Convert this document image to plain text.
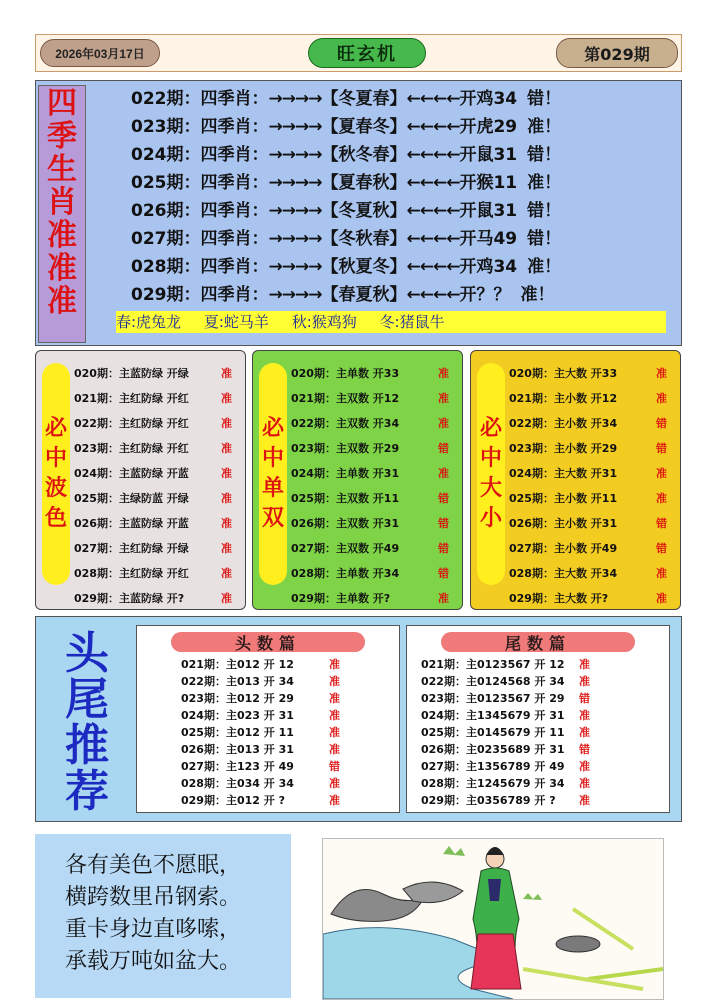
2026年03月17日	旺玄机	第029期
四
季
生
肖
准
准
准
022期：四季肖：→→→→【冬夏春】←←←←开鸡34 错！
023期：四季肖：→→→→【夏春冬】←←←←开虎29 准！
024期：四季肖：→→→→【秋冬春】←←←←开鼠31 错！
025期：四季肖：→→→→【夏春秋】←←←←开猴11 准！
026期：四季肖：→→→→【冬夏秋】←←←←开鼠31 错！
027期：四季肖：→→→→【冬秋春】←←←←开马49 错！
028期：四季肖：→→→→【秋夏冬】←←←←开鸡34 准！
029期：四季肖：→→→→【春夏秋】←←←←开？？ 准！
春:虎兔龙 夏:蛇马羊 秋:猴鸡狗 冬:猪鼠牛
必
中
波
色
020期：主蓝防绿 开绿	准
021期：主红防绿 开红	准
022期：主红防绿 开红	准
023期：主红防绿 开红	准
024期：主蓝防绿 开蓝	准
025期：主绿防蓝 开绿	准
026期：主蓝防绿 开蓝	准
027期：主红防绿 开绿	准
028期：主红防绿 开红	准
029期：主蓝防绿 开?	准
必
中
单
双
020期：主单数 开33	准
021期：主双数 开12	准
022期：主双数 开34	准
023期：主双数 开29	错
024期：主单数 开31	准
025期：主双数 开11	错
026期：主双数 开31	错
027期：主双数 开49	错
028期：主单数 开34	错
029期：主单数 开?	准
必
中
大
小
020期：主大数 开33	准
021期：主小数 开12	准
022期：主小数 开34	错
023期：主小数 开29	错
024期：主大数 开31	准
025期：主小数 开11	准
026期：主小数 开31	错
027期：主小数 开49	错
028期：主大数 开34	准
029期：主大数 开?	准
头
尾
推
荐
头数篇
021期：主012 开 12	准
022期：主013 开 34	准
023期：主012 开 29	准
024期：主023 开 31	准
025期：主012 开 11	准
026期：主013 开 31	准
027期：主123 开 49	错
028期：主034 开 34	准
029期：主012 开 ?	准
尾数篇
021期：主0123567 开 12 准
022期：主0124568 开 34 准
023期：主0123567 开 29 错
024期：主1345679 开 31 准
025期：主0145679 开 11 准
026期：主0235689 开 31 错
027期：主1356789 开 49 准
028期：主1245679 开 34 准
029期：主0356789 开 ? 准
各有美色不愿眠，
横跨数里吊钢索。
重卡身边直哆嗦，
承载万吨如盆大。
